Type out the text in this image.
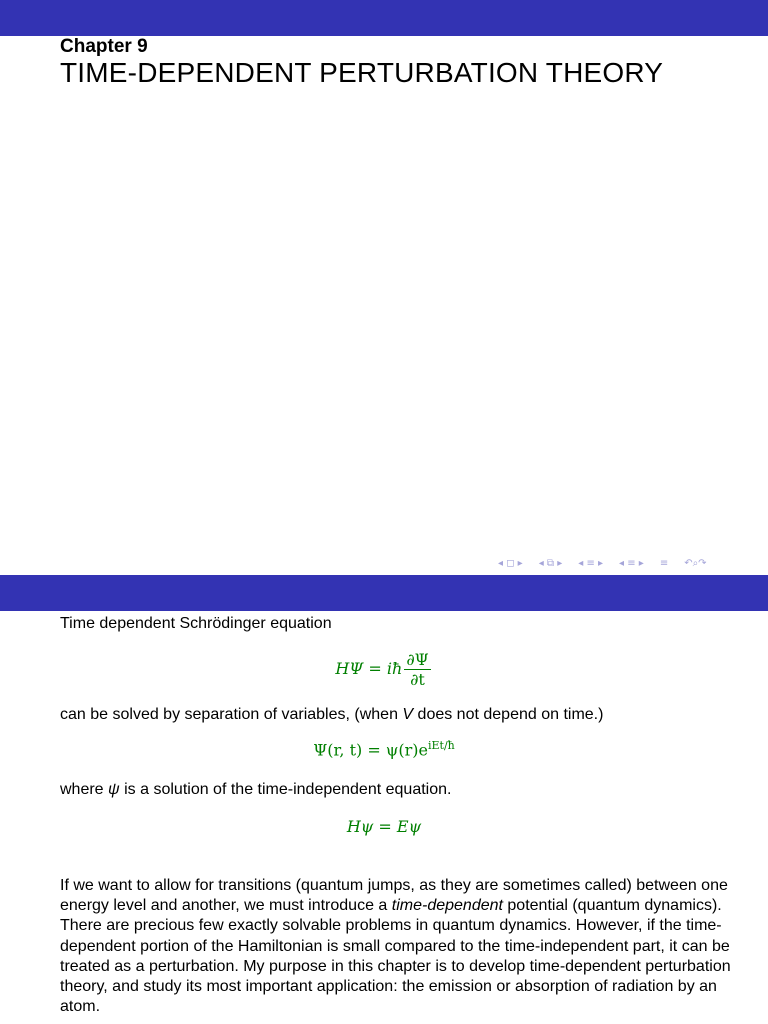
Chapter 9
TIME-DEPENDENT PERTURBATION THEORY
◂ ◻ ▸ ◂ ⧉ ▸ ◂ ≡ ▸ ◂ ≡ ▸ ≡ ↶⌕↷
Time dependent Schrödinger equation
HΨ = iħ $\frac{\partial\Psi}{\partial t}$
can be solved by separation of variables, (when V does not depend on time.)
Ψ(r, $t) = \psi(r)e^{iEt/ħ}$
where ψ is a solution of the time-independent equation.
Hψ = Eψ
If we want to allow for transitions (quantum jumps, as they are sometimes called) between one energy level and another, we must introduce a time-dependent potential (quantum dynamics). There are precious few exactly solvable problems in quantum dynamics. However, if the time-dependent portion of the Hamiltonian is small compared to the time-independent part, it can be treated as a perturbation. My purpose in this chapter is to develop time-dependent perturbation theory, and study its most important application: the emission or absorption of radiation by an atom.
